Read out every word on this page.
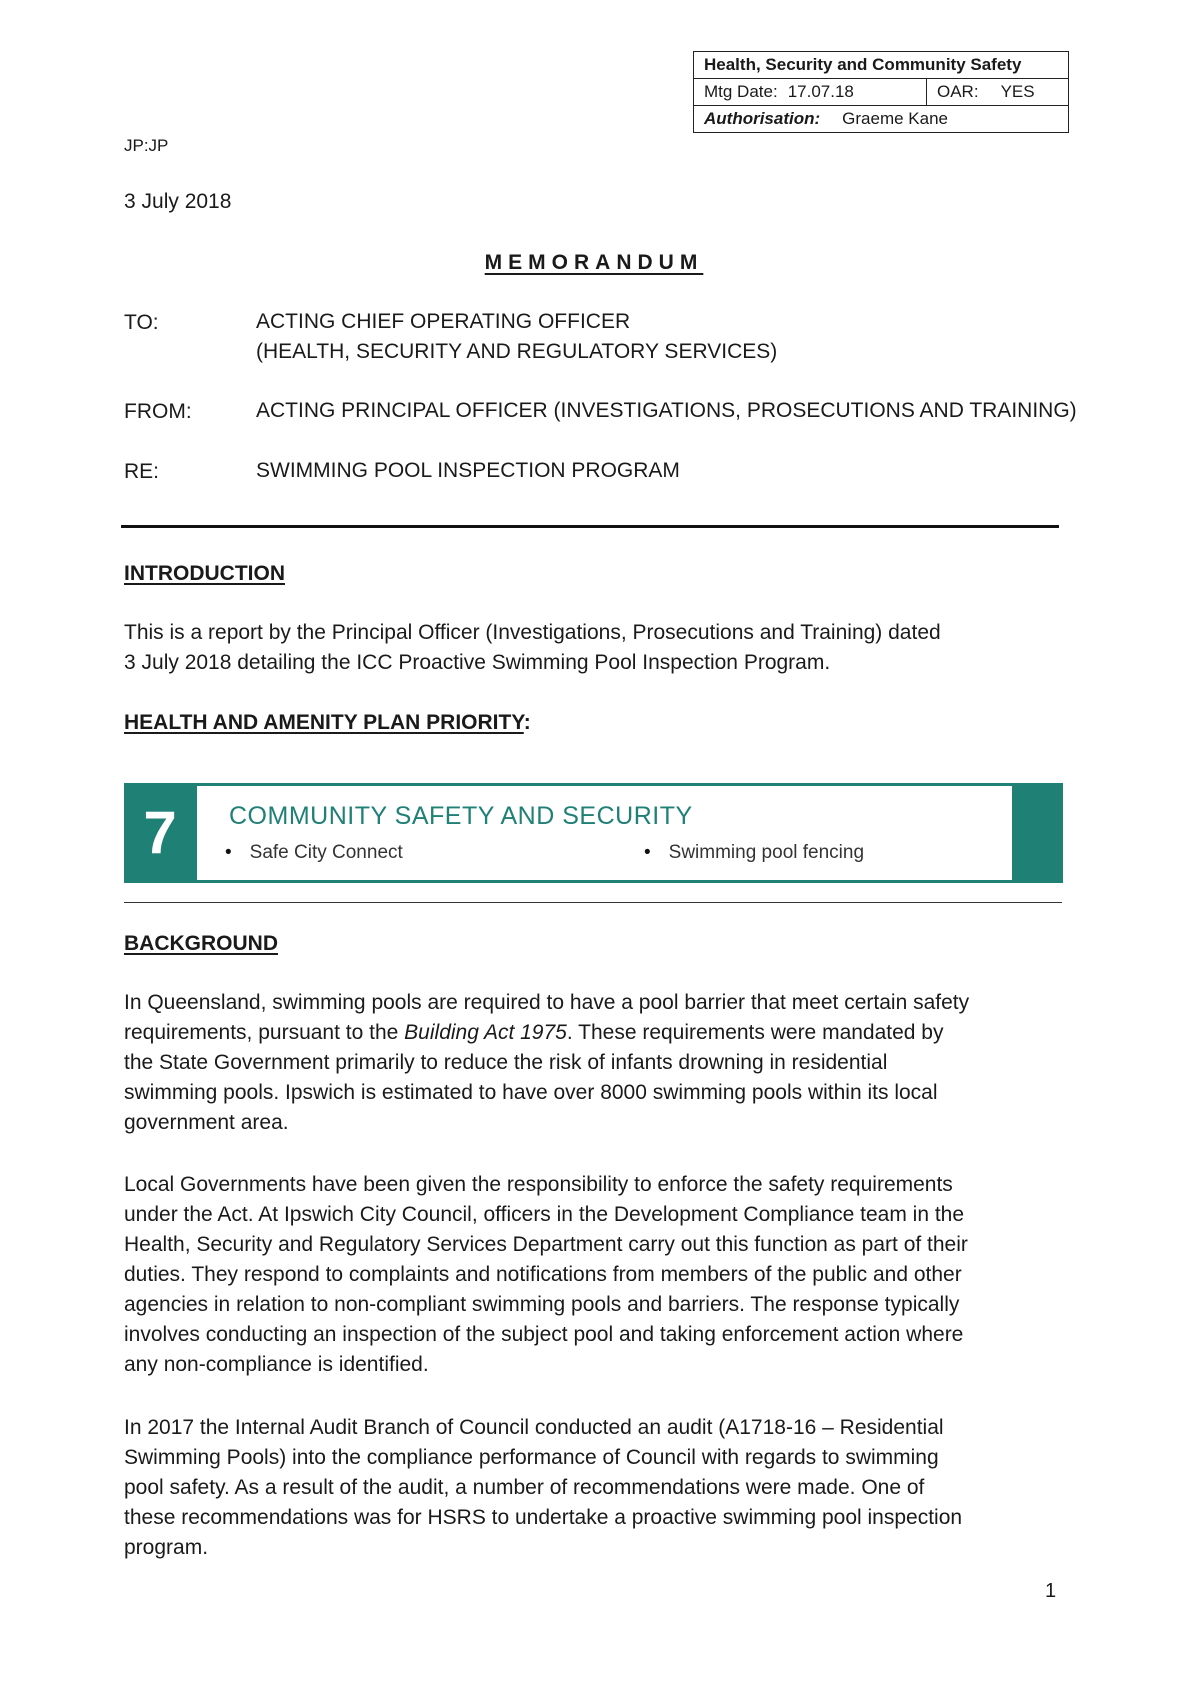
Health, Security and Community Safety
Mtg Date: 17.07.18	OAR: YES
Authorisation: Graeme Kane
JP:JP
3 July 2018
MEMORANDUM
TO:	ACTING CHIEF OPERATING OFFICER
(HEALTH, SECURITY AND REGULATORY SERVICES)
FROM:	ACTING PRINCIPAL OFFICER (INVESTIGATIONS, PROSECUTIONS AND TRAINING)
RE:	SWIMMING POOL INSPECTION PROGRAM
INTRODUCTION
This is a report by the Principal Officer (Investigations, Prosecutions and Training) dated
3 July 2018 detailing the ICC Proactive Swimming Pool Inspection Program.
HEALTH AND AMENITY PLAN PRIORITY:
7	COMMUNITY SAFETY AND SECURITY
• Safe City Connect	• Swimming pool fencing
BACKGROUND
In Queensland, swimming pools are required to have a pool barrier that meet certain safety
requirements, pursuant to the Building Act 1975. These requirements were mandated by
the State Government primarily to reduce the risk of infants drowning in residential
swimming pools. Ipswich is estimated to have over 8000 swimming pools within its local
government area.
Local Governments have been given the responsibility to enforce the safety requirements
under the Act. At Ipswich City Council, officers in the Development Compliance team in the
Health, Security and Regulatory Services Department carry out this function as part of their
duties. They respond to complaints and notifications from members of the public and other
agencies in relation to non-compliant swimming pools and barriers. The response typically
involves conducting an inspection of the subject pool and taking enforcement action where
any non-compliance is identified.
In 2017 the Internal Audit Branch of Council conducted an audit (A1718-16 – Residential
Swimming Pools) into the compliance performance of Council with regards to swimming
pool safety. As a result of the audit, a number of recommendations were made. One of
these recommendations was for HSRS to undertake a proactive swimming pool inspection
program.
1
